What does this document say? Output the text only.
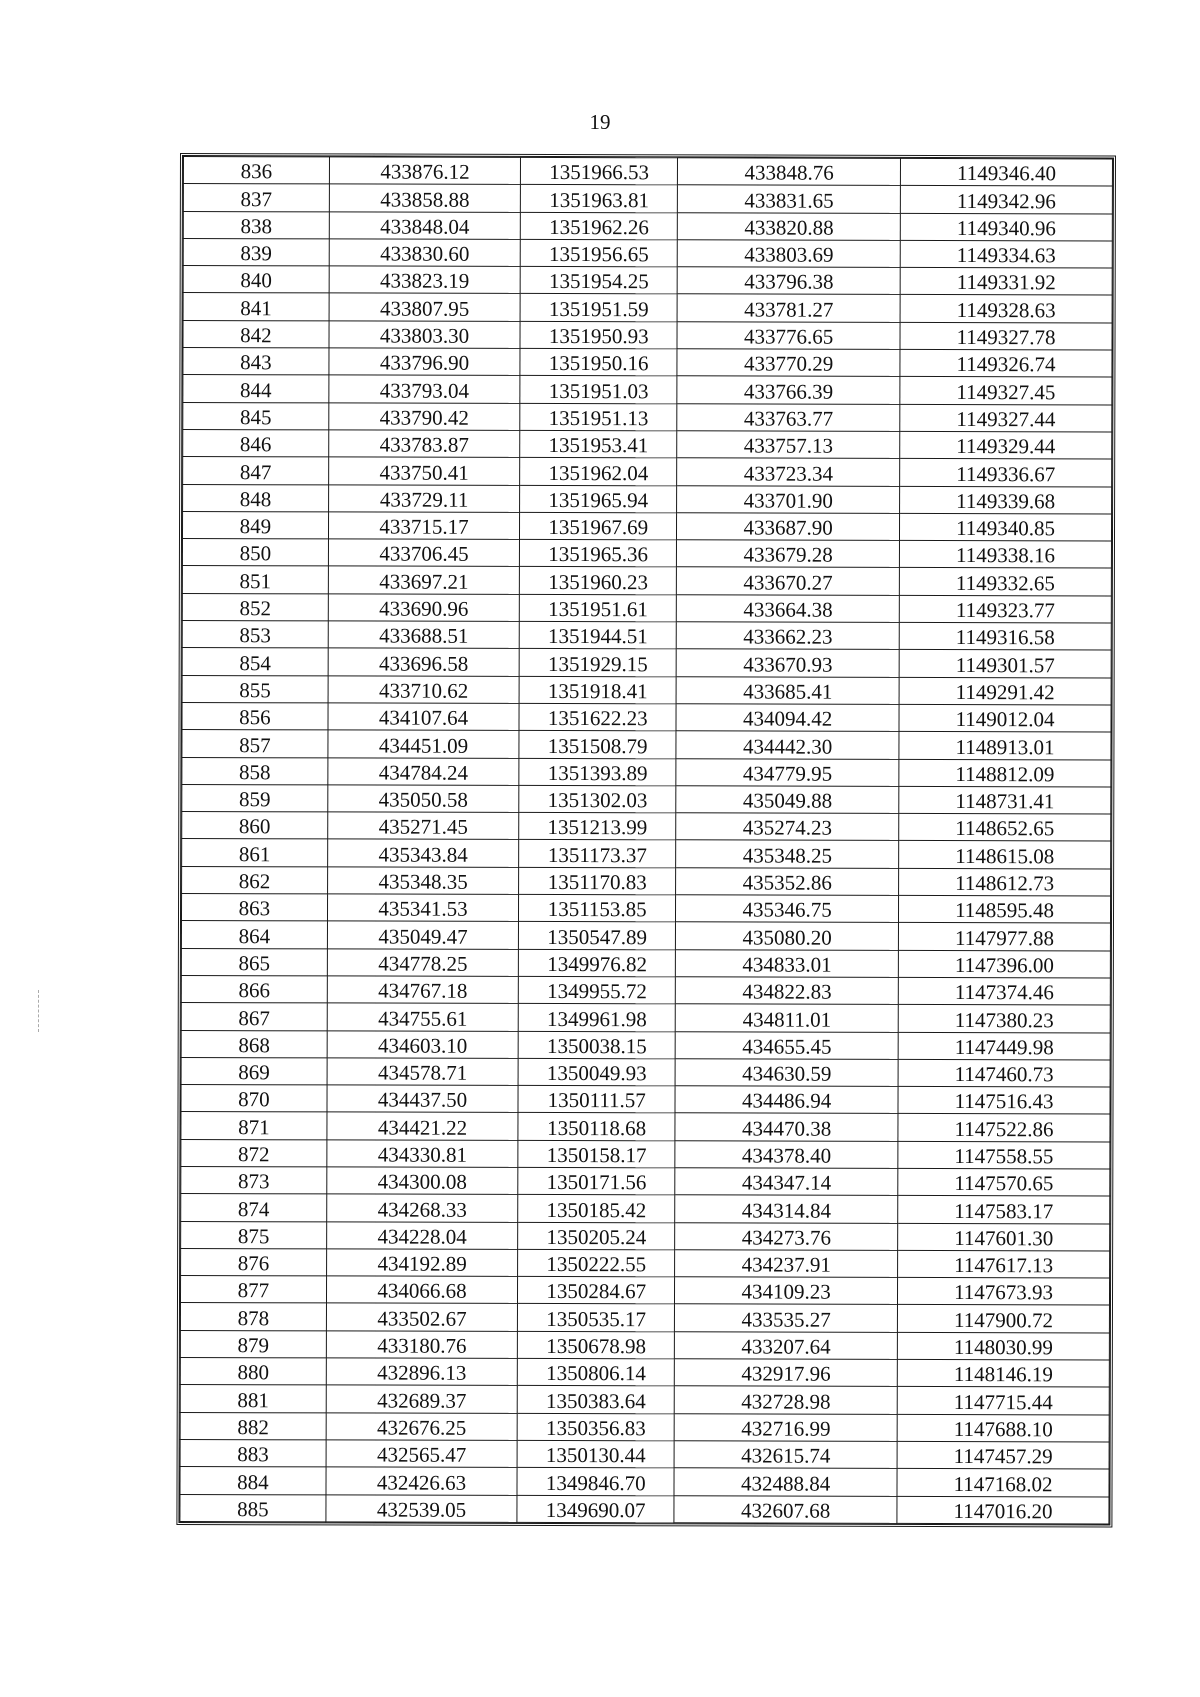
19
836	433876.12	1351966.53	433848.76	1149346.40
837	433858.88	1351963.81	433831.65	1149342.96
838	433848.04	1351962.26	433820.88	1149340.96
839	433830.60	1351956.65	433803.69	1149334.63
840	433823.19	1351954.25	433796.38	1149331.92
841	433807.95	1351951.59	433781.27	1149328.63
842	433803.30	1351950.93	433776.65	1149327.78
843	433796.90	1351950.16	433770.29	1149326.74
844	433793.04	1351951.03	433766.39	1149327.45
845	433790.42	1351951.13	433763.77	1149327.44
846	433783.87	1351953.41	433757.13	1149329.44
847	433750.41	1351962.04	433723.34	1149336.67
848	433729.11	1351965.94	433701.90	1149339.68
849	433715.17	1351967.69	433687.90	1149340.85
850	433706.45	1351965.36	433679.28	1149338.16
851	433697.21	1351960.23	433670.27	1149332.65
852	433690.96	1351951.61	433664.38	1149323.77
853	433688.51	1351944.51	433662.23	1149316.58
854	433696.58	1351929.15	433670.93	1149301.57
855	433710.62	1351918.41	433685.41	1149291.42
856	434107.64	1351622.23	434094.42	1149012.04
857	434451.09	1351508.79	434442.30	1148913.01
858	434784.24	1351393.89	434779.95	1148812.09
859	435050.58	1351302.03	435049.88	1148731.41
860	435271.45	1351213.99	435274.23	1148652.65
861	435343.84	1351173.37	435348.25	1148615.08
862	435348.35	1351170.83	435352.86	1148612.73
863	435341.53	1351153.85	435346.75	1148595.48
864	435049.47	1350547.89	435080.20	1147977.88
865	434778.25	1349976.82	434833.01	1147396.00
866	434767.18	1349955.72	434822.83	1147374.46
867	434755.61	1349961.98	434811.01	1147380.23
868	434603.10	1350038.15	434655.45	1147449.98
869	434578.71	1350049.93	434630.59	1147460.73
870	434437.50	1350111.57	434486.94	1147516.43
871	434421.22	1350118.68	434470.38	1147522.86
872	434330.81	1350158.17	434378.40	1147558.55
873	434300.08	1350171.56	434347.14	1147570.65
874	434268.33	1350185.42	434314.84	1147583.17
875	434228.04	1350205.24	434273.76	1147601.30
876	434192.89	1350222.55	434237.91	1147617.13
877	434066.68	1350284.67	434109.23	1147673.93
878	433502.67	1350535.17	433535.27	1147900.72
879	433180.76	1350678.98	433207.64	1148030.99
880	432896.13	1350806.14	432917.96	1148146.19
881	432689.37	1350383.64	432728.98	1147715.44
882	432676.25	1350356.83	432716.99	1147688.10
883	432565.47	1350130.44	432615.74	1147457.29
884	432426.63	1349846.70	432488.84	1147168.02
885	432539.05	1349690.07	432607.68	1147016.20
